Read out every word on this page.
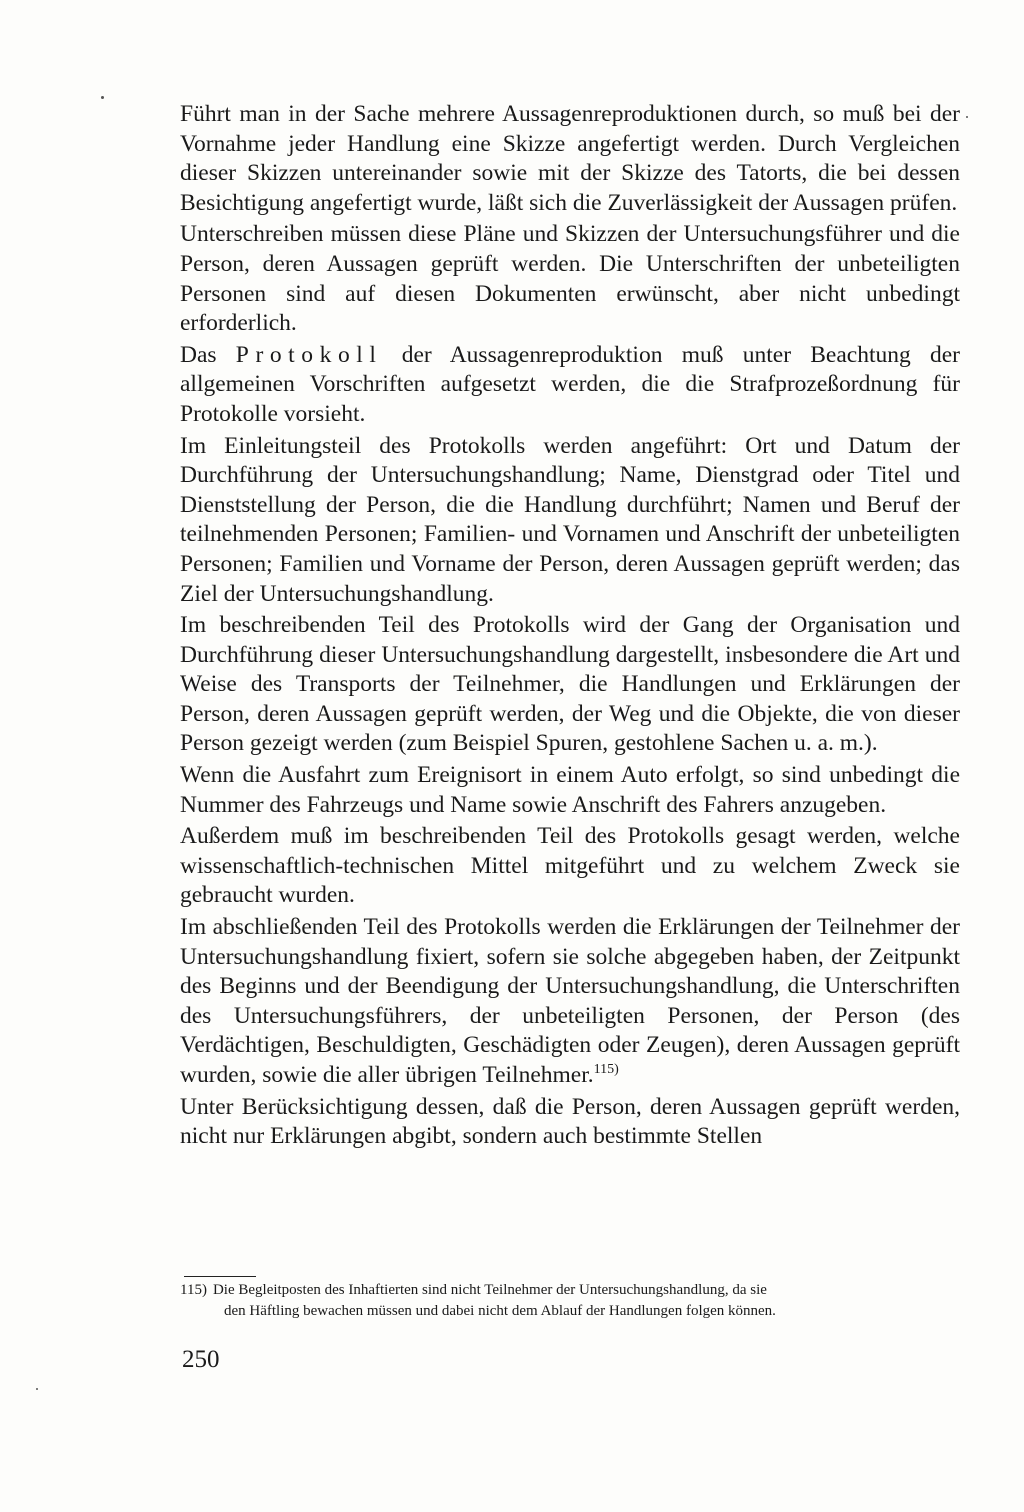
Führt man in der Sache mehrere Aussagenreproduktionen durch, so muß bei der Vornahme jeder Handlung eine Skizze angefertigt werden. Durch Vergleichen dieser Skizzen untereinander sowie mit der Skizze des Tatorts, die bei dessen Besichtigung angefertigt wurde, läßt sich die Zuverlässigkeit der Aussagen prüfen.

Unterschreiben müssen diese Pläne und Skizzen der Untersuchungsführer und die Person, deren Aussagen geprüft werden. Die Unterschriften der unbeteiligten Personen sind auf diesen Dokumenten erwünscht, aber nicht unbedingt erforderlich.

Das Protokoll der Aussagenreproduktion muß unter Beachtung der allgemeinen Vorschriften aufgesetzt werden, die die Strafprozeßordnung für Protokolle vorsieht.

Im Einleitungsteil des Protokolls werden angeführt: Ort und Datum der Durchführung der Untersuchungshandlung; Name, Dienstgrad oder Titel und Dienststellung der Person, die die Handlung durchführt; Namen und Beruf der teilnehmenden Personen; Familien- und Vornamen und Anschrift der unbeteiligten Personen; Familien und Vorname der Person, deren Aussagen geprüft werden; das Ziel der Untersuchungshandlung.

Im beschreibenden Teil des Protokolls wird der Gang der Organisation und Durchführung dieser Untersuchungshandlung dargestellt, insbesondere die Art und Weise des Transports der Teilnehmer, die Handlungen und Erklärungen der Person, deren Aussagen geprüft werden, der Weg und die Objekte, die von dieser Person gezeigt werden (zum Beispiel Spuren, gestohlene Sachen u. a. m.).

Wenn die Ausfahrt zum Ereignisort in einem Auto erfolgt, so sind unbedingt die Nummer des Fahrzeugs und Name sowie Anschrift des Fahrers anzugeben.

Außerdem muß im beschreibenden Teil des Protokolls gesagt werden, welche wissenschaftlich-technischen Mittel mitgeführt und zu welchem Zweck sie gebraucht wurden.

Im abschließenden Teil des Protokolls werden die Erklärungen der Teilnehmer der Untersuchungshandlung fixiert, sofern sie solche abgegeben haben, der Zeitpunkt des Beginns und der Beendigung der Untersuchungshandlung, die Unterschriften des Untersuchungsführers, der unbeteiligten Personen, der Person (des Verdächtigen, Beschuldigten, Geschädigten oder Zeugen), deren Aussagen geprüft wurden, sowie die aller übrigen Teilnehmer.$^{115)}$

Unter Berücksichtigung dessen, daß die Person, deren Aussagen geprüft werden, nicht nur Erklärungen abgibt, sondern auch bestimmte Stellen

115) Die Begleitposten des Inhaftierten sind nicht Teilnehmer der Untersuchungshandlung, da sie
den Häftling bewachen müssen und dabei nicht dem Ablauf der Handlungen folgen können.
250
